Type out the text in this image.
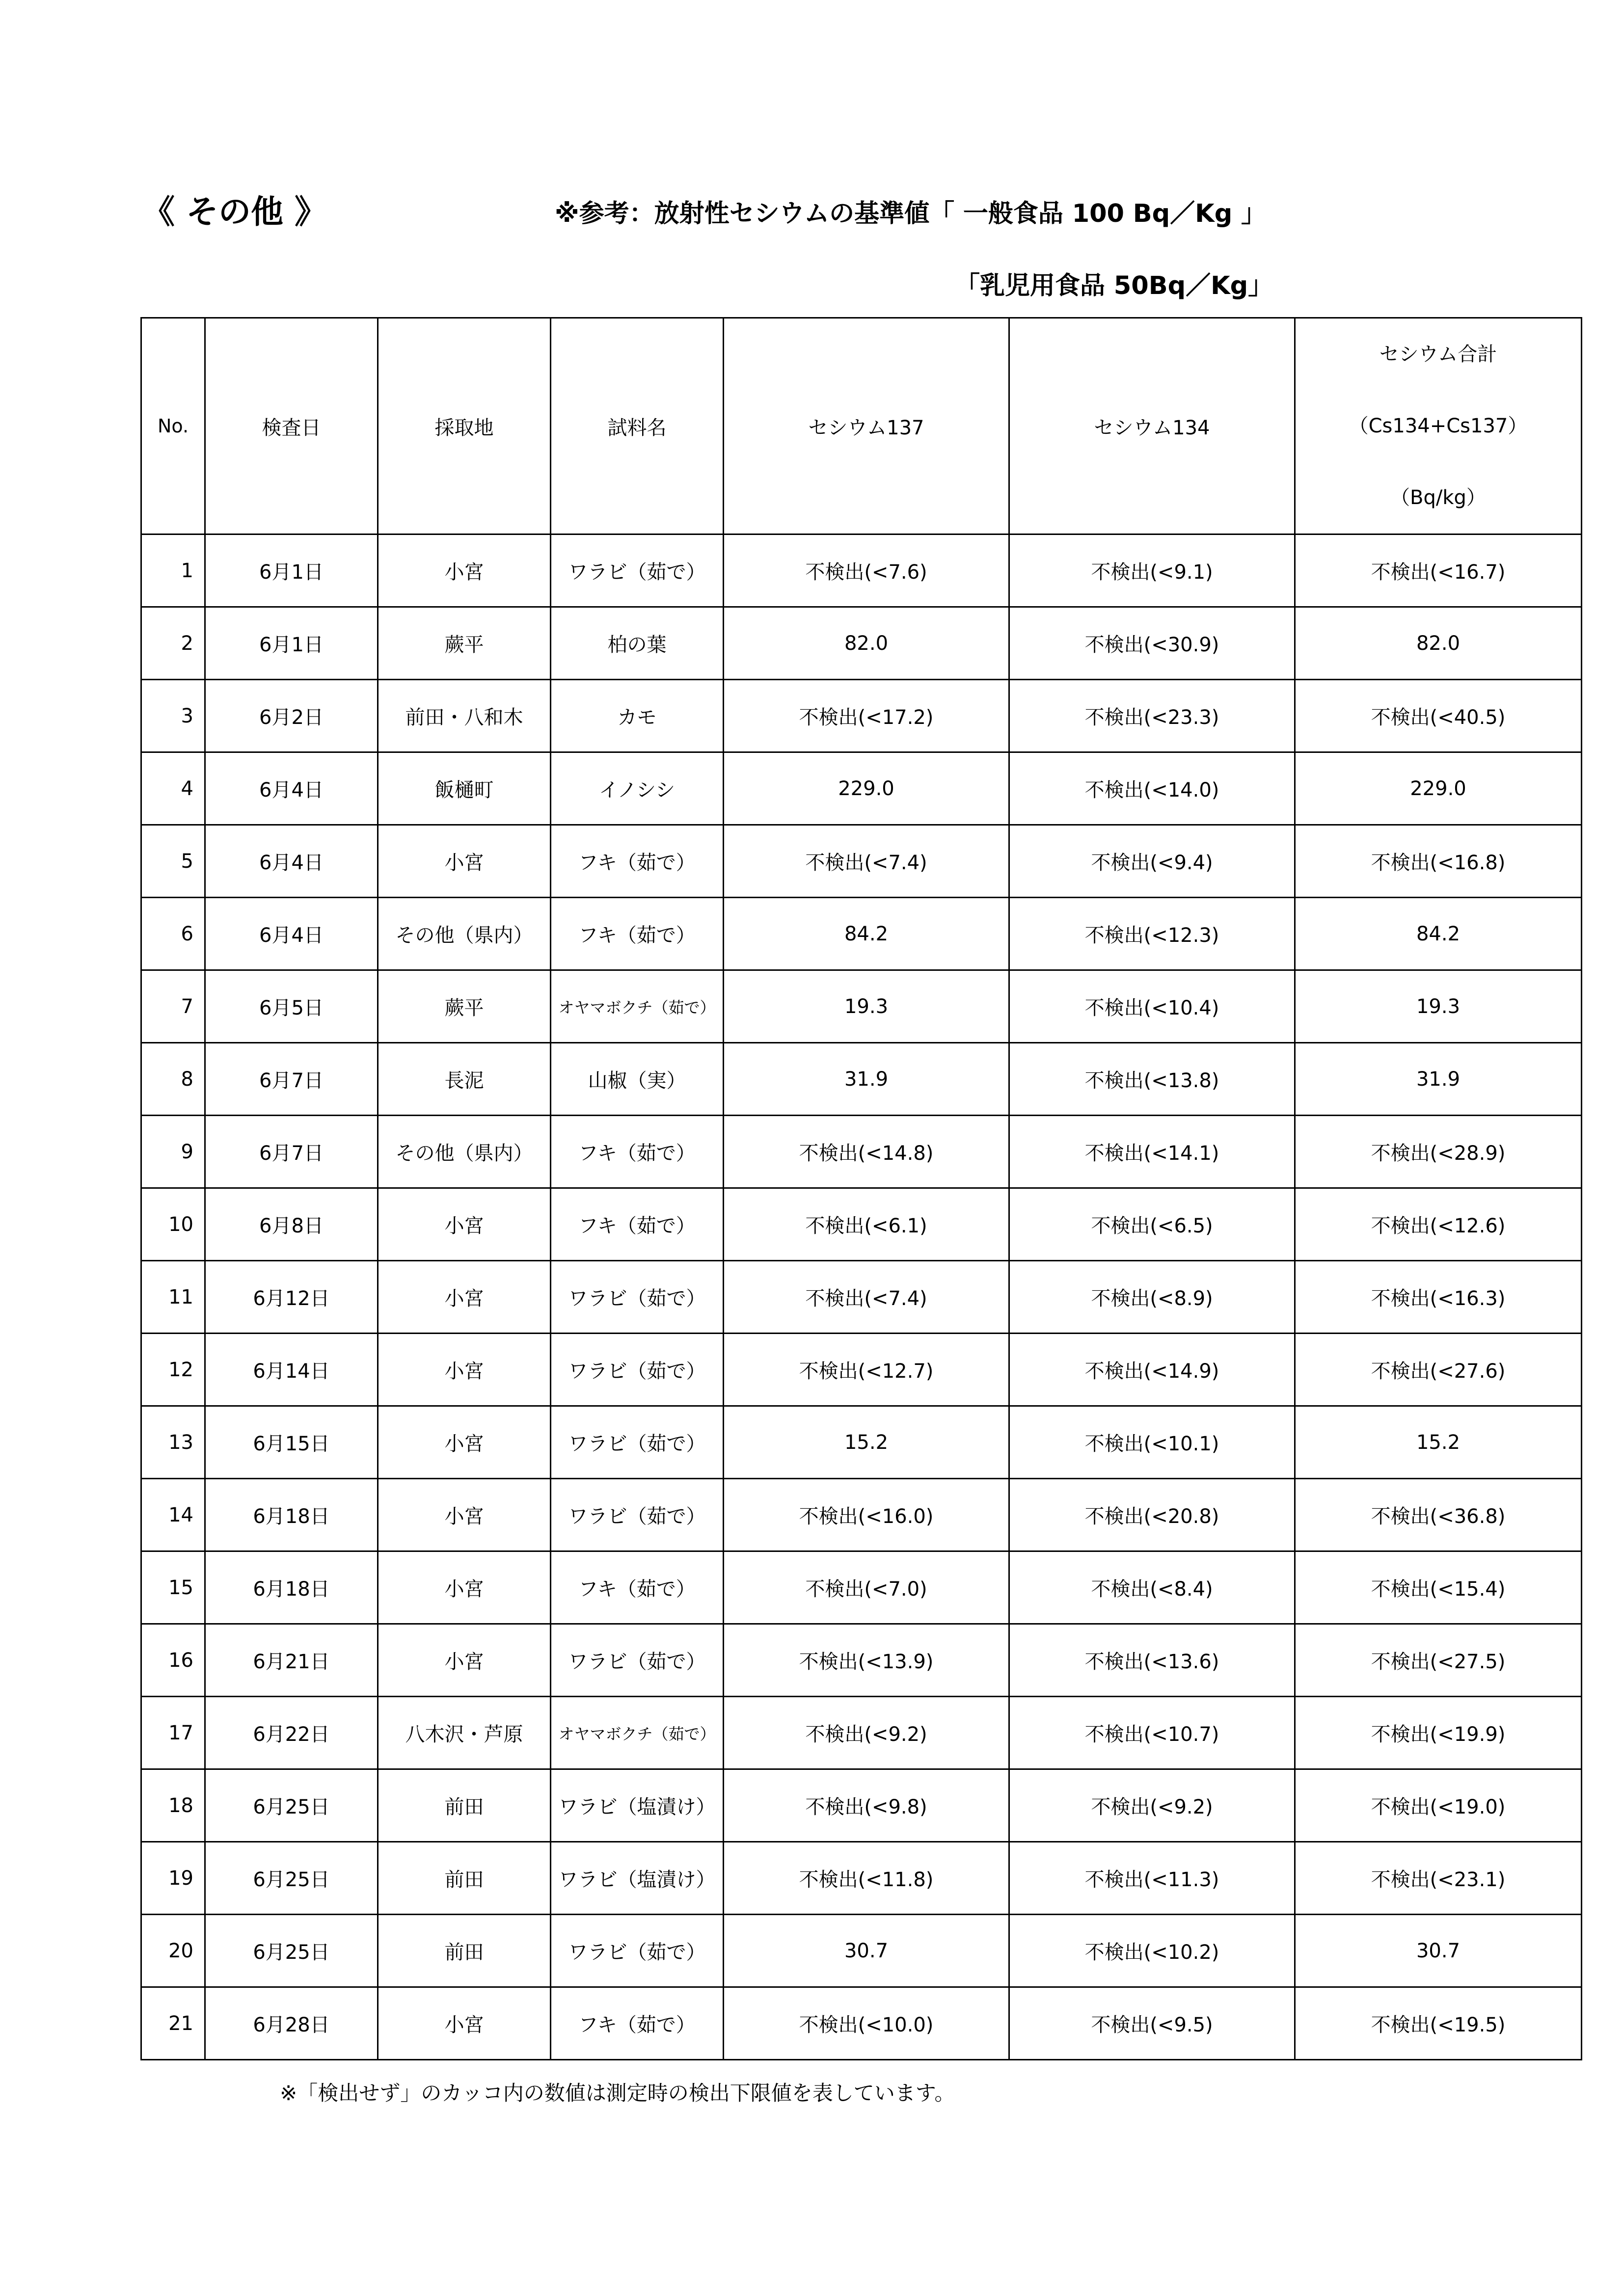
《 その他 》	※参考：放射性セシウムの基準値「 一般食品 100 Bq／Kg 」
「乳児用食品 50Bq／Kg」
No.	検査日	採取地	試料名	セシウム137	セシウム134	セシウム合計
（Cs134+Cs137）
（Bq/kg）

1	6月1日	小宮	ワラビ（茹で）	不検出(<7.6)	不検出(<9.1)	不検出(<16.7)
2	6月1日	蕨平	柏の葉	82.0	不検出(<30.9)	82.0
3	6月2日	前田・八和木	カモ	不検出(<17.2)	不検出(<23.3)	不検出(<40.5)
4	6月4日	飯樋町	イノシシ	229.0	不検出(<14.0)	229.0
5	6月4日	小宮	フキ（茹で）	不検出(<7.4)	不検出(<9.4)	不検出(<16.8)
6	6月4日	その他（県内）	フキ（茹で）	84.2	不検出(<12.3)	84.2
7	6月5日	蕨平	オヤマボクチ（茹で）	19.3	不検出(<10.4)	19.3
8	6月7日	長泥	山椒（実）	31.9	不検出(<13.8)	31.9
9	6月7日	その他（県内）	フキ（茹で）	不検出(<14.8)	不検出(<14.1)	不検出(<28.9)
10	6月8日	小宮	フキ（茹で）	不検出(<6.1)	不検出(<6.5)	不検出(<12.6)
11	6月12日	小宮	ワラビ（茹で）	不検出(<7.4)	不検出(<8.9)	不検出(<16.3)
12	6月14日	小宮	ワラビ（茹で）	不検出(<12.7)	不検出(<14.9)	不検出(<27.6)
13	6月15日	小宮	ワラビ（茹で）	15.2	不検出(<10.1)	15.2
14	6月18日	小宮	ワラビ（茹で）	不検出(<16.0)	不検出(<20.8)	不検出(<36.8)
15	6月18日	小宮	フキ（茹で）	不検出(<7.0)	不検出(<8.4)	不検出(<15.4)
16	6月21日	小宮	ワラビ（茹で）	不検出(<13.9)	不検出(<13.6)	不検出(<27.5)
17	6月22日	八木沢・芦原	オヤマボクチ（茹で）	不検出(<9.2)	不検出(<10.7)	不検出(<19.9)
18	6月25日	前田	ワラビ（塩漬け）	不検出(<9.8)	不検出(<9.2)	不検出(<19.0)
19	6月25日	前田	ワラビ（塩漬け）	不検出(<11.8)	不検出(<11.3)	不検出(<23.1)
20	6月25日	前田	ワラビ（茹で）	30.7	不検出(<10.2)	30.7
21	6月28日	小宮	フキ（茹で）	不検出(<10.0)	不検出(<9.5)	不検出(<19.5)
※「検出せず」のカッコ内の数値は測定時の検出下限値を表しています。
